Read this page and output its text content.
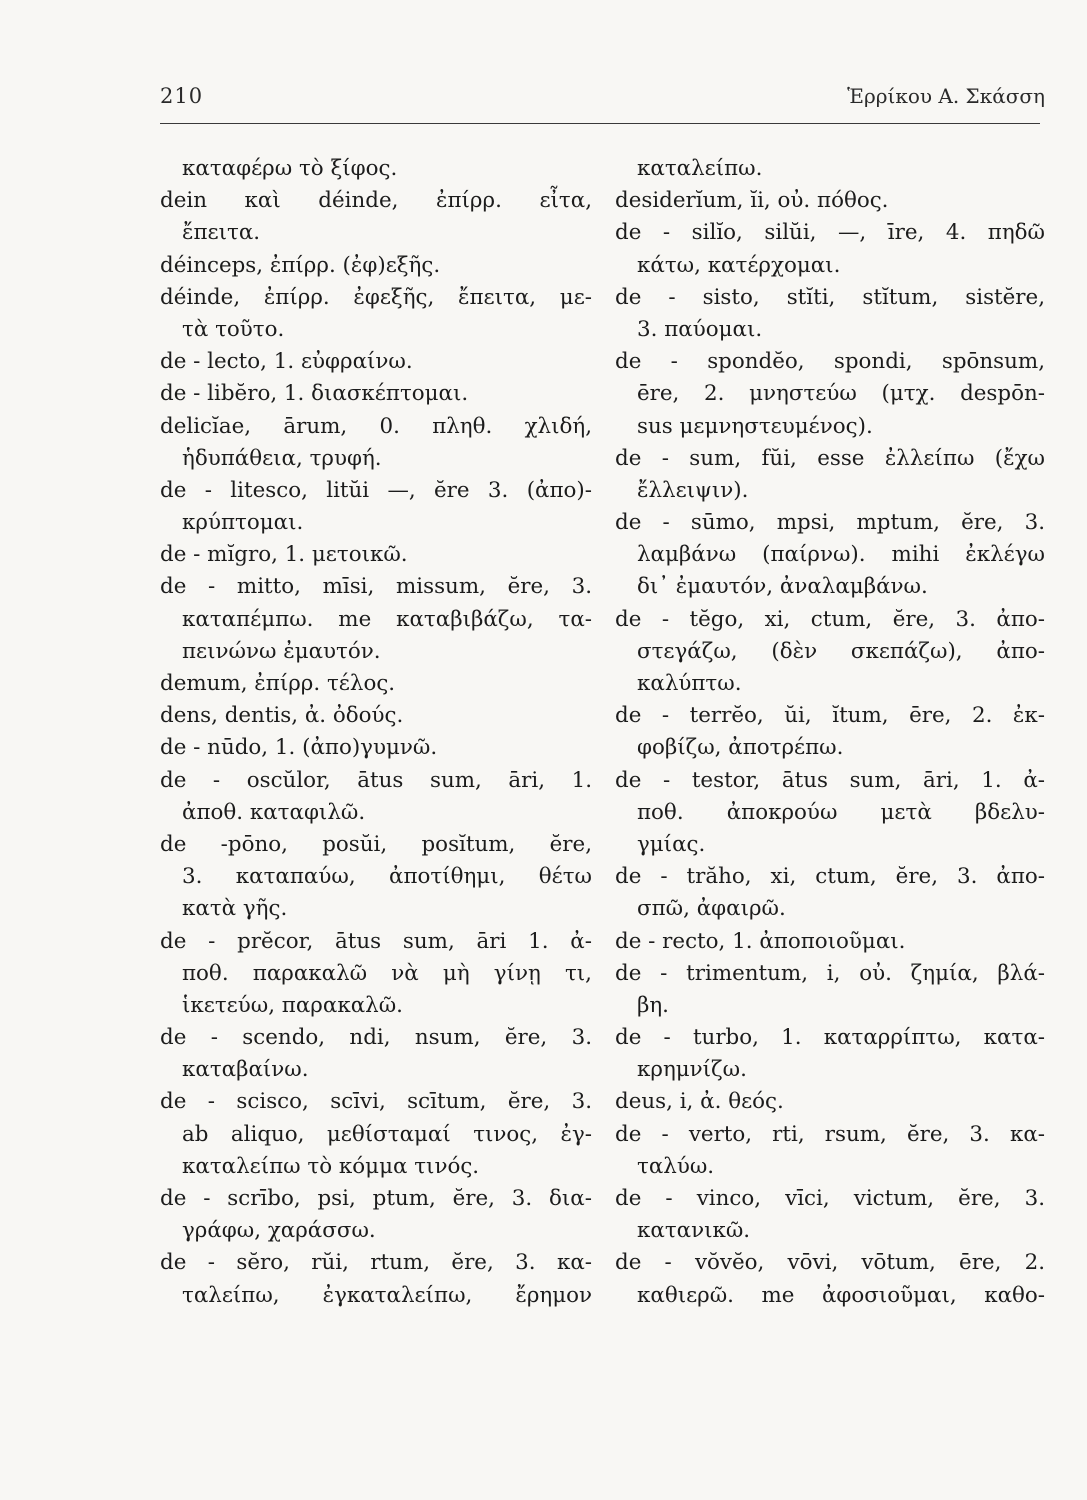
210	Ἑρρίκου Α. Σκάσση
καταφέρω τὸ ξίφος.
dein καὶ déinde, ἐπίρρ. εἶτα,
ἔπειτα.
déinceps, ἐπίρρ. (ἐφ)εξῆς.
déinde, ἐπίρρ. ἐφεξῆς, ἔπειτα, με-
τὰ τοῦτο.
de - lecto, 1. εὐφραίνω.
de - libĕro, 1. διασκέπτομαι.
delicĭae, ārum, 0. πληθ. χλιδή,
ἡδυπάθεια, τρυφή.
de - litesco, litŭi —, ĕre 3. (ἀπο)-
κρύπτομαι.
de - mĭgro, 1. μετοικῶ.
de - mitto, mīsi, missum, ĕre, 3.
καταπέμπω. me καταβιβάζω, τα-
πεινώνω ἐμαυτόν.
demum, ἐπίρρ. τέλος.
dens, dentis, ἀ. ὀδούς.
de - nūdo, 1. (ἀπο)γυμνῶ.
de - oscŭlor, ātus sum, āri, 1.
ἀποθ. καταφιλῶ.
de -pōno, posŭi, posĭtum, ĕre,
3. καταπαύω, ἀποτίθημι, θέτω
κατὰ γῆς.
de - prĕcor, ātus sum, āri 1. ἀ-
ποθ. παρακαλῶ νὰ μὴ γίνῃ τι,
ἱκετεύω, παρακαλῶ.
de - scendo, ndi, nsum, ĕre, 3.
καταβαίνω.
de - scisco, scīvi, scītum, ĕre, 3.
ab aliquo, μεθίσταμαί τινος, ἐγ-
καταλείπω τὸ κόμμα τινός.
de - scrībo, psi, ptum, ĕre, 3. δια-
γράφω, χαράσσω.
de - sĕro, rŭi, rtum, ĕre, 3. κα-
ταλείπω, ἐγκαταλείπω, ἔρημον
καταλείπω.
desiderĭum, ĭi, οὐ. πόθος.
de - silĭo, silŭi, —, īre, 4. πηδῶ
κάτω, κατέρχομαι.
de - sisto, stĭti, stĭtum, sistĕre,
3. παύομαι.
de - spondĕo, spondi, spōnsum,
ēre, 2. μνηστεύω (μτχ. despōn-
sus μεμνηστευμένος).
de - sum, fŭi, esse ἐλλείπω (ἔχω
ἔλλειψιν).
de - sūmo, mpsi, mptum, ĕre, 3.
λαμβάνω (παίρνω). mihi ἐκλέγω
δι᾽ ἐμαυτόν, ἀναλαμβάνω.
de - tĕgo, xi, ctum, ĕre, 3. ἀπο-
στεγάζω, (δὲν σκεπάζω), ἀπο-
καλύπτω.
de - terrĕo, ŭi, ĭtum, ēre, 2. ἐκ-
φοβίζω, ἀποτρέπω.
de - testor, ātus sum, āri, 1. ἀ-
ποθ. ἀποκρούω μετὰ βδελυ-
γμίας.
de - trăho, xi, ctum, ĕre, 3. ἀπο-
σπῶ, ἀφαιρῶ.
de - recto, 1. ἀποποιοῦμαι.
de - trimentum, i, οὐ. ζημία, βλά-
βη.
de - turbo, 1. καταρρίπτω, κατα-
κρημνίζω.
deus, i, ἀ. θεός.
de - verto, rti, rsum, ĕre, 3. κα-
ταλύω.
de - vinco, vīci, victum, ĕre, 3.
κατανικῶ.
de - vŏvĕo, vōvi, vōtum, ēre, 2.
καθιερῶ. me ἀφοσιοῦμαι, καθο-
